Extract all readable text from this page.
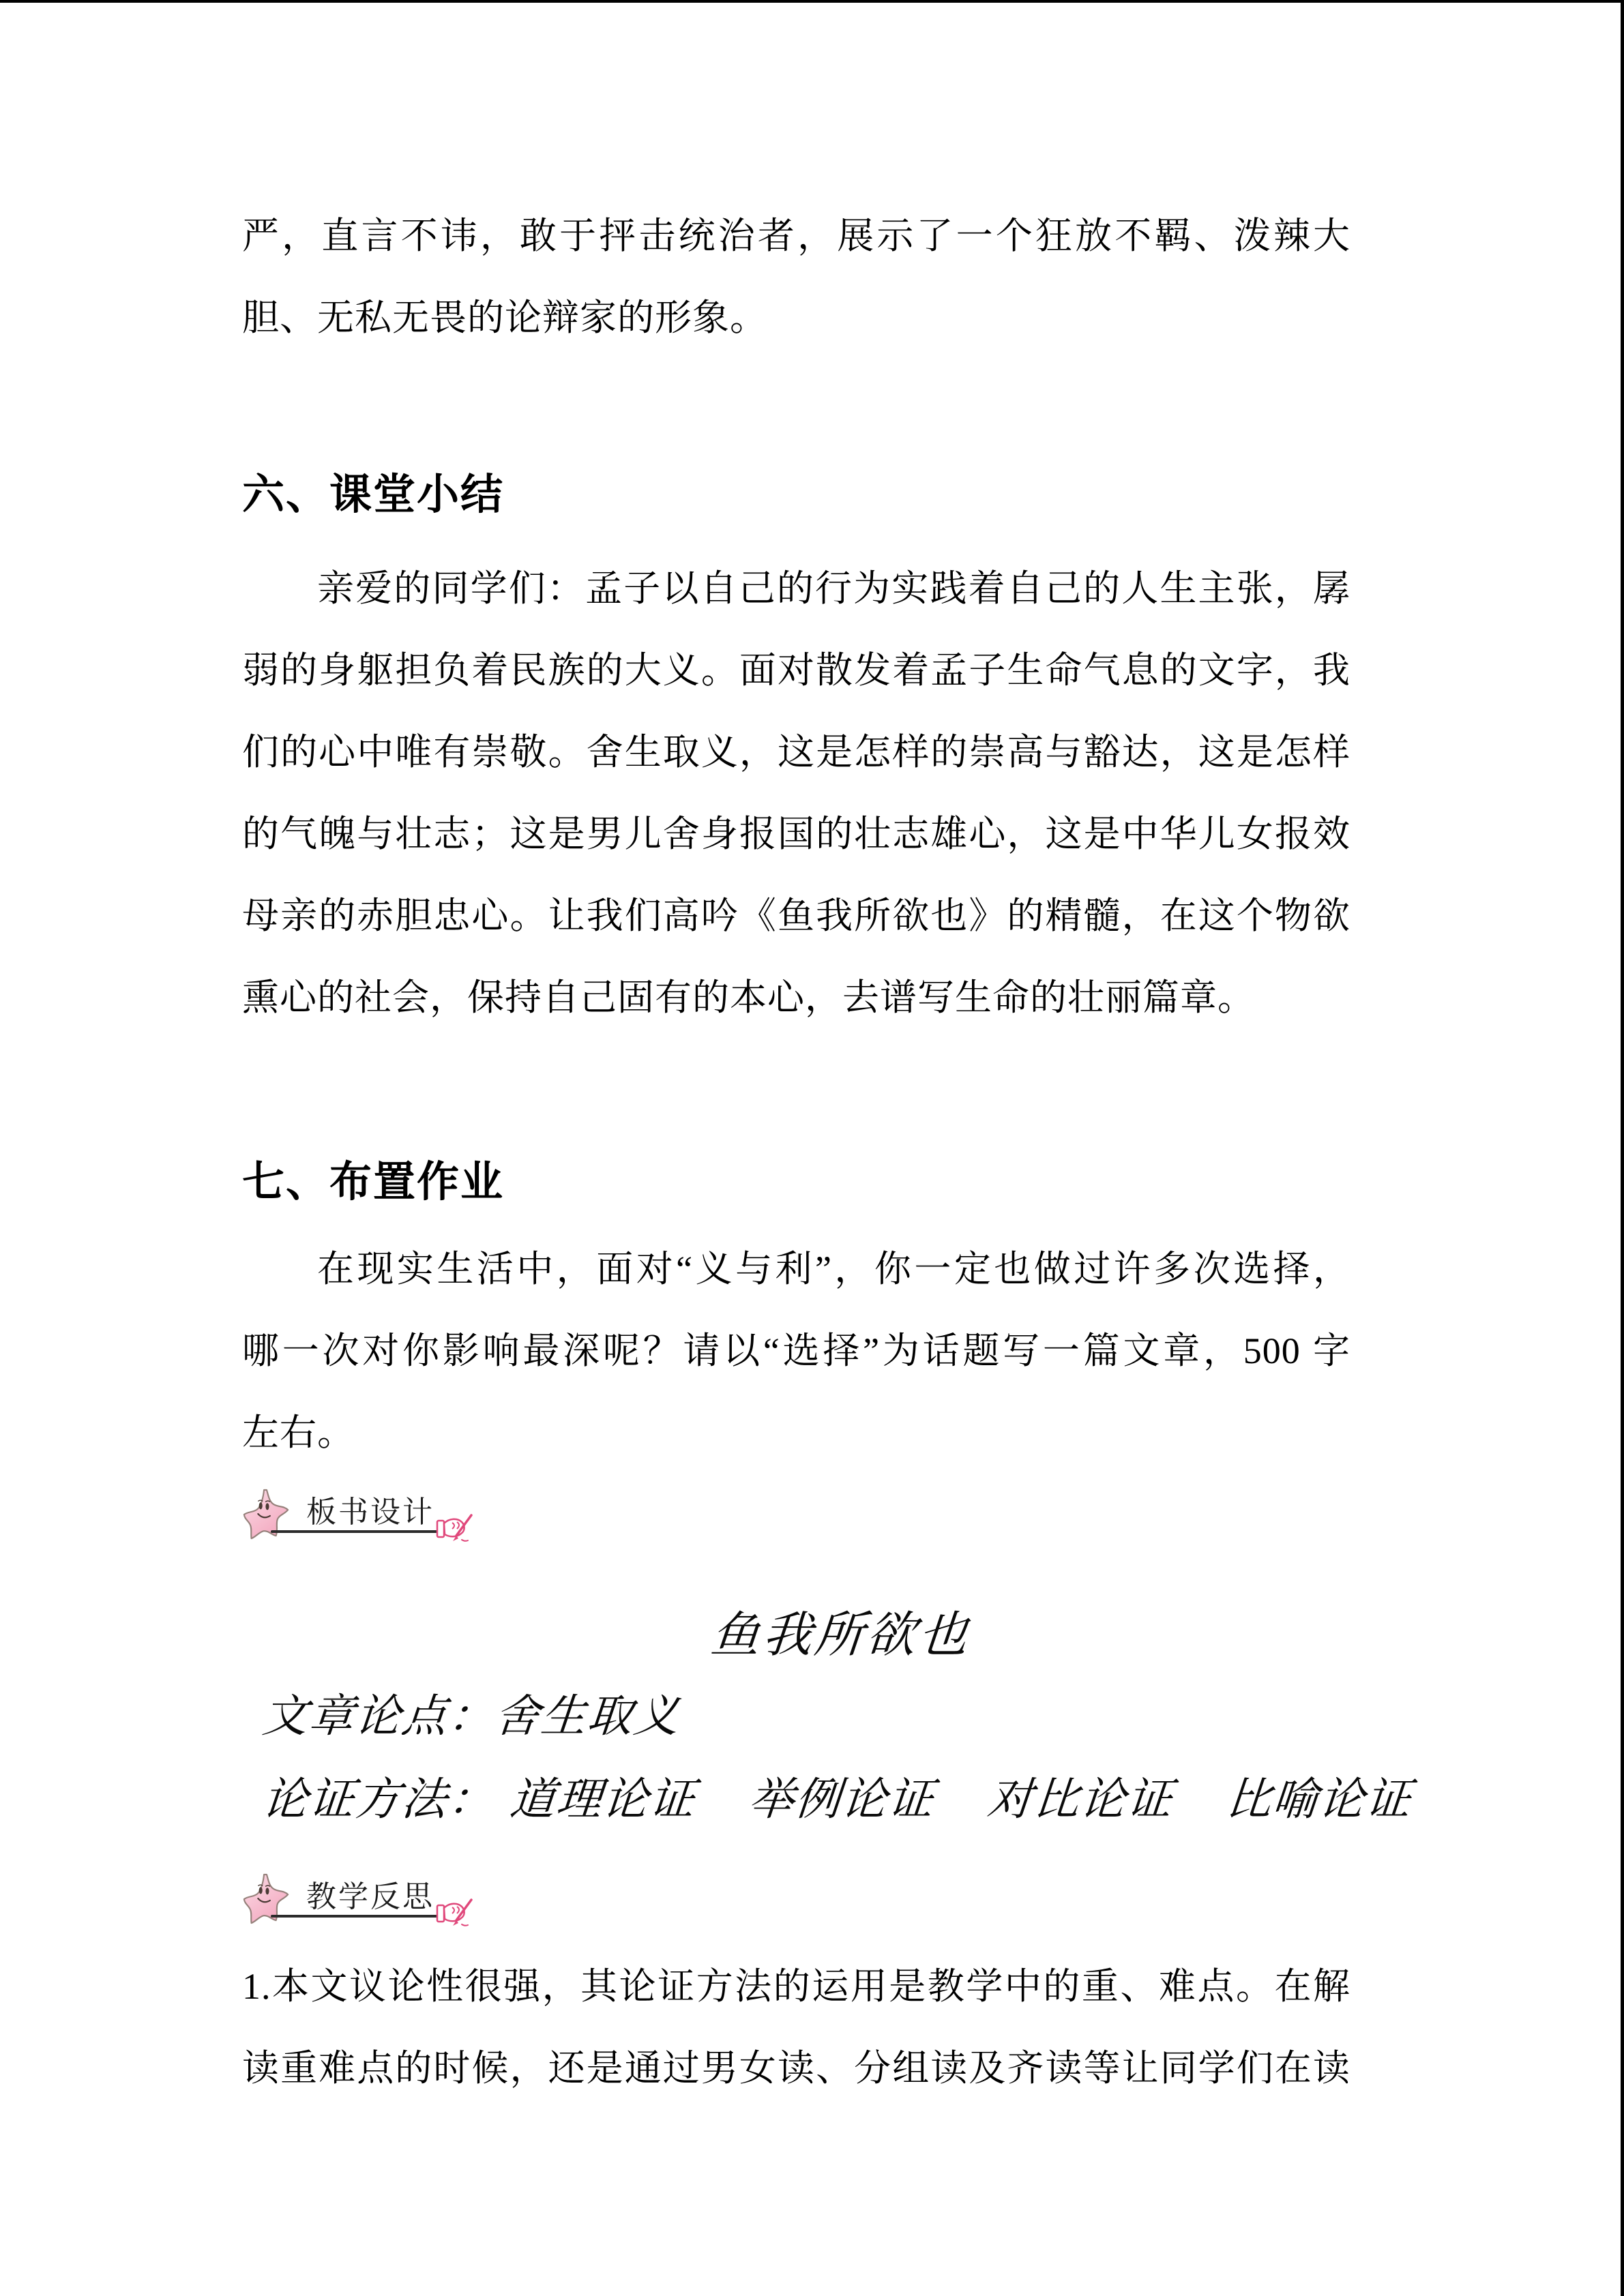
严，直言不讳，敢于抨击统治者，展示了一个狂放不羁、泼辣大
胆、无私无畏的论辩家的形象。
六、课堂小结
亲爱的同学们：孟子以自己的行为实践着自己的人生主张，孱
弱的身躯担负着民族的大义。面对散发着孟子生命气息的文字，我
们的心中唯有崇敬。舍生取义，这是怎样的崇高与豁达，这是怎样
的气魄与壮志；这是男儿舍身报国的壮志雄心，这是中华儿女报效
母亲的赤胆忠心。让我们高吟《鱼我所欲也》的精髓，在这个物欲
熏心的社会，保持自己固有的本心，去谱写生命的壮丽篇章。
七、布置作业
在现实生活中，面对“义与利”，你一定也做过许多次选择，
哪一次对你影响最深呢？请以“选择”为话题写一篇文章，500 字
左右。
板书设计
鱼我所欲也
文章论点：舍生取义
论证方法： 道理论证 举例论证 对比论证 比喻论证
教学反思
1.本文议论性很强，其论证方法的运用是教学中的重、难点。在解
读重难点的时候，还是通过男女读、分组读及齐读等让同学们在读
